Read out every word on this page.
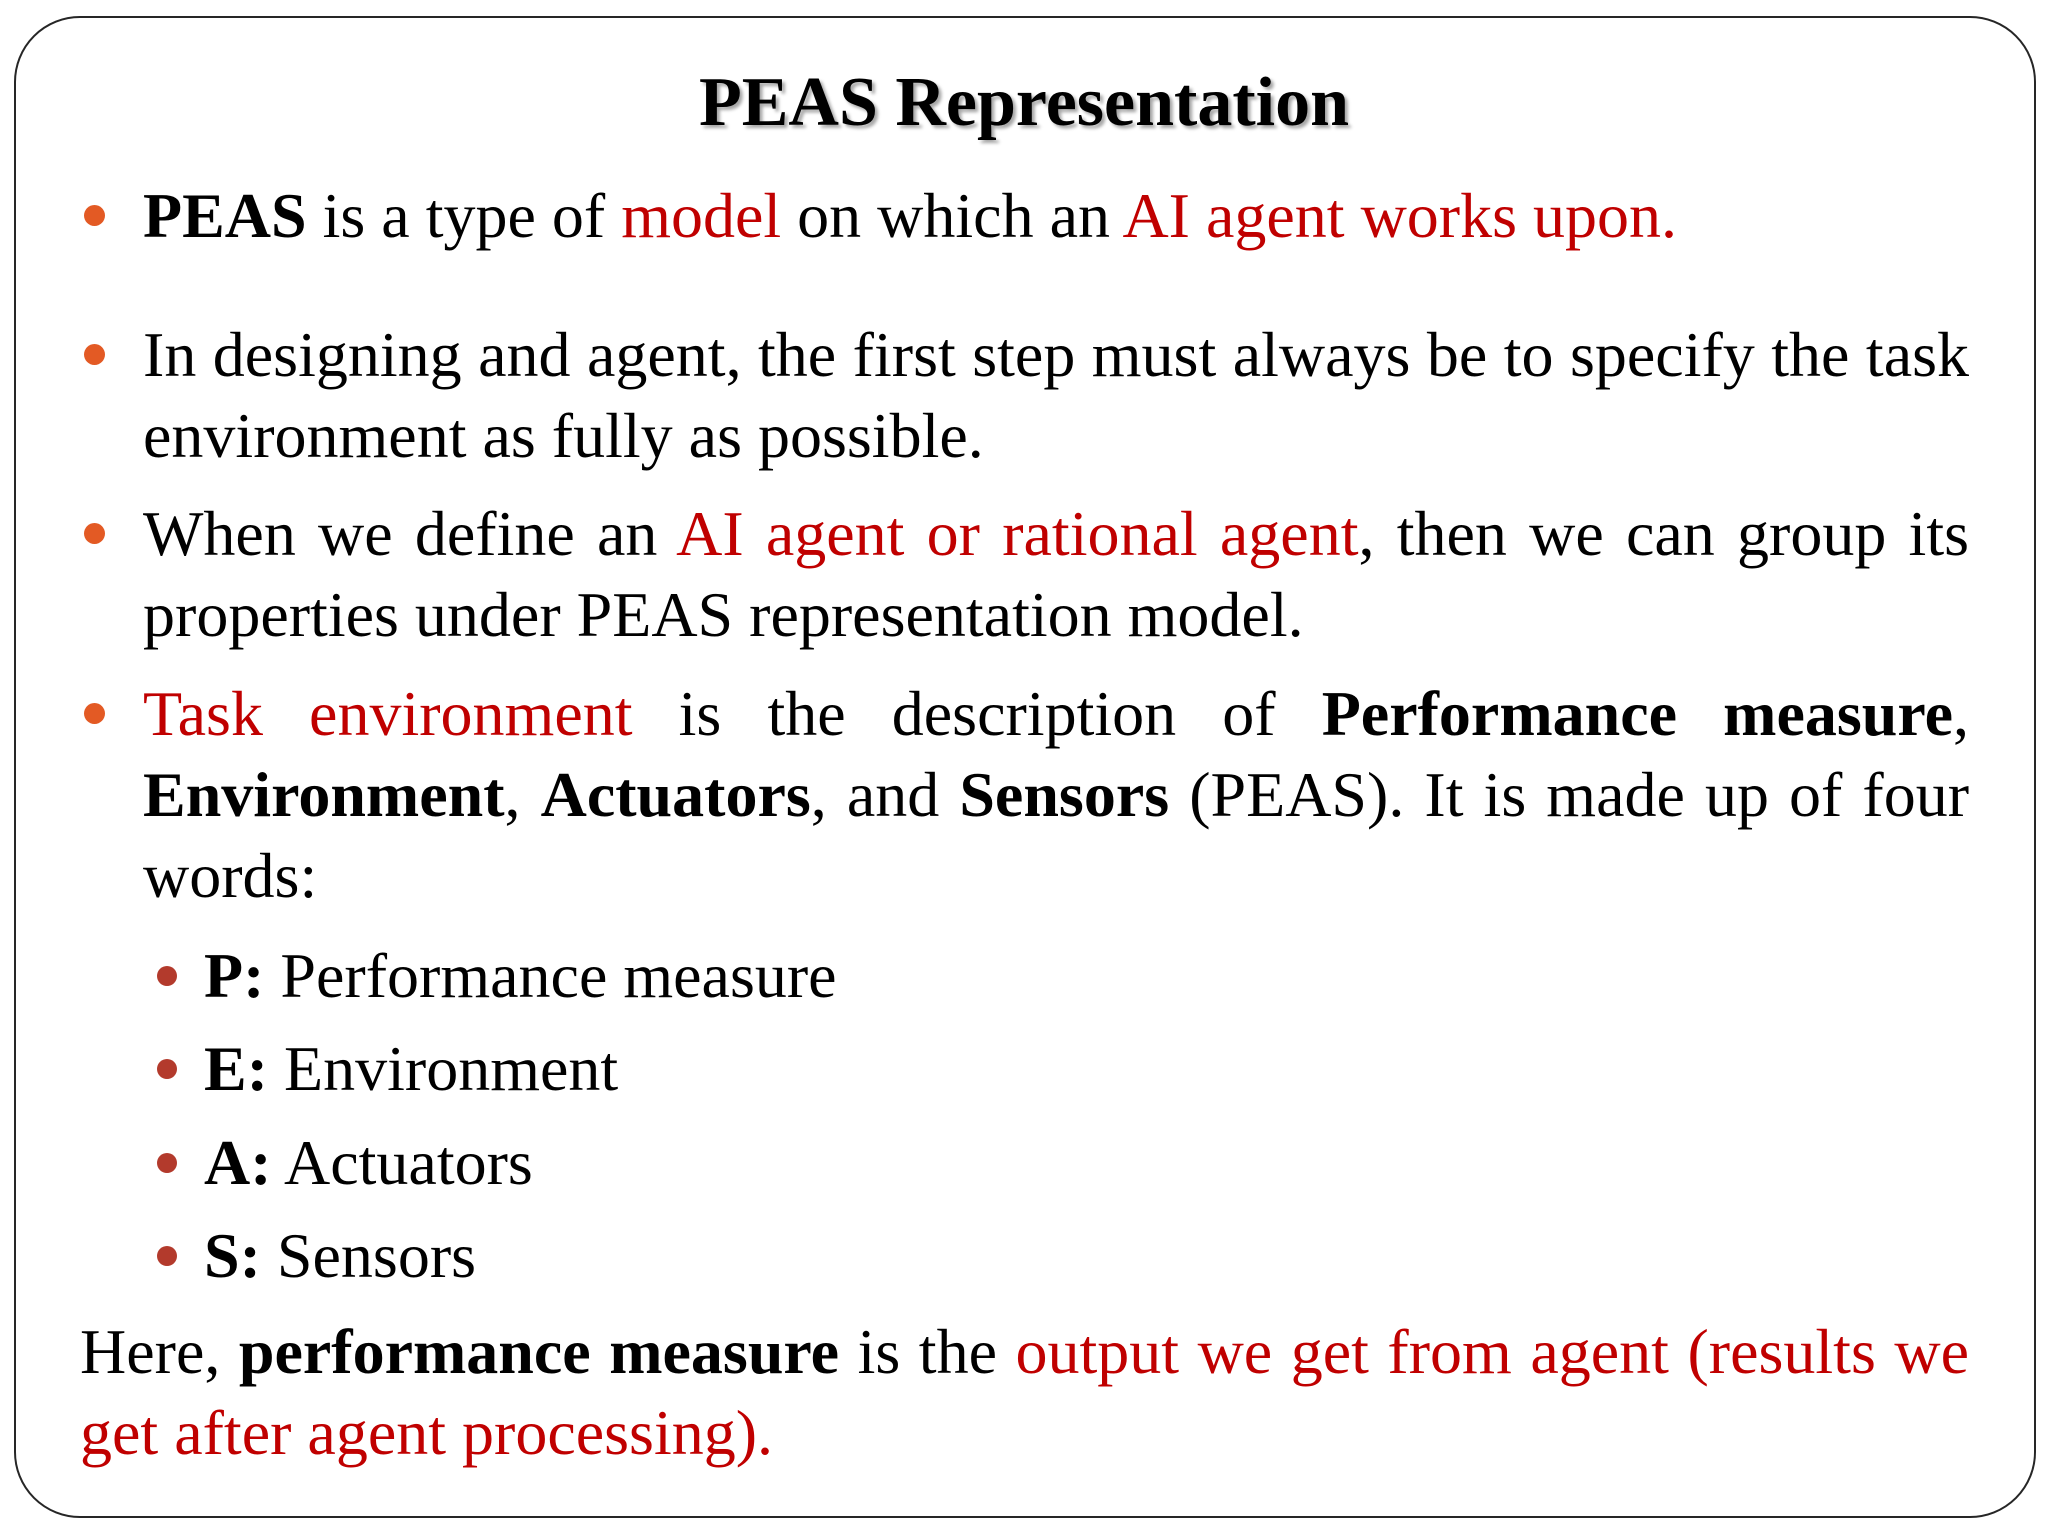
PEAS Representation
PEAS is a type of model on which an AI agent works upon.
In designing and agent, the first step must always be to specify the task environment as fully as possible.
When we define an AI agent or rational agent, then we can group its properties under PEAS representation model.
Task environment is the description of Performance measure, Environment, Actuators, and Sensors (PEAS). It is made up of four words:
P: Performance measure
E: Environment
A: Actuators
S: Sensors
Here, performance measure is the output we get from agent (results we get after agent processing).
